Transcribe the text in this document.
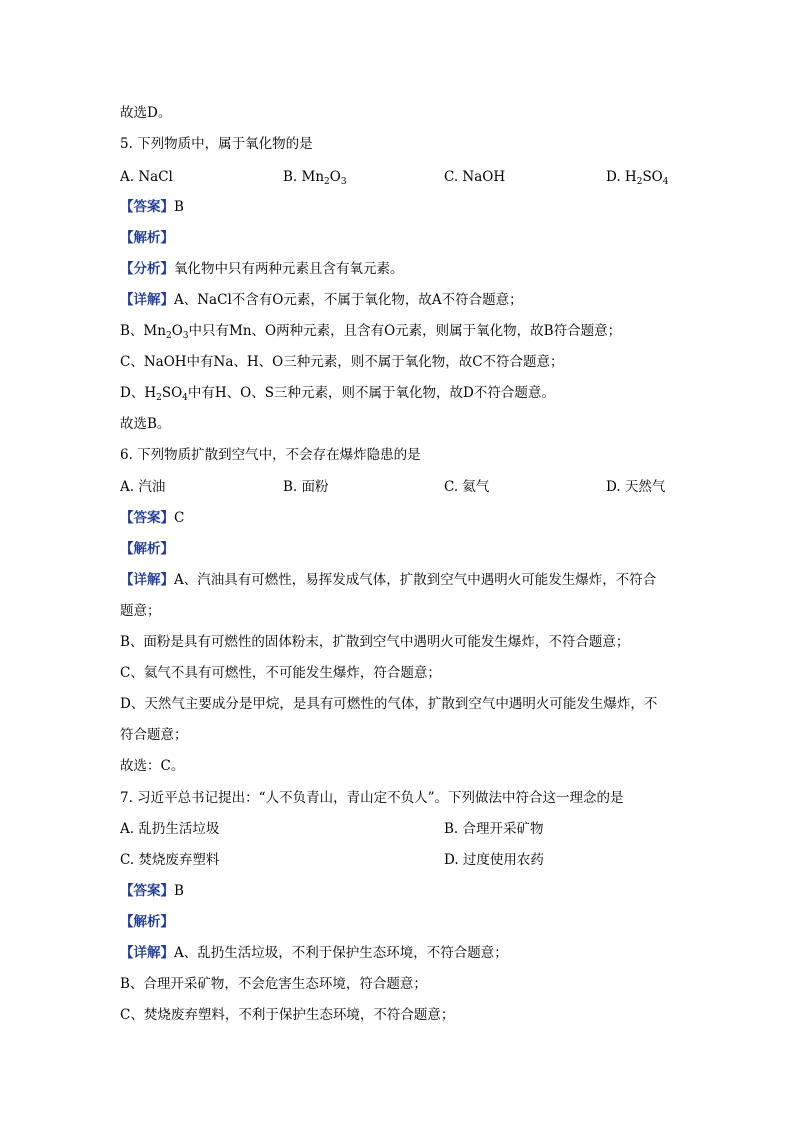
故选D。
5. 下列物质中，属于氧化物的是
A. NaCl	B. $Mn_2O_3$	C. NaOH	D. $H_2SO_4$
【答案】B
【解析】
【分析】氧化物中只有两种元素且含有氧元素。
【详解】A、NaCl不含有O元素，不属于氧化物，故A不符合题意；
B、$Mn_2O_3$中只有Mn、O两种元素，且含有O元素，则属于氧化物，故B符合题意；
C、NaOH中有Na、H、O三种元素，则不属于氧化物，故C不符合题意；
D、$H_2SO_4$中有H、O、S三种元素，则不属于氧化物，故D不符合题意。
故选B。
6. 下列物质扩散到空气中，不会存在爆炸隐患的是
A. 汽油	B. 面粉	C. 氦气	D. 天然气
【答案】C
【解析】
【详解】A、汽油具有可燃性，易挥发成气体，扩散到空气中遇明火可能发生爆炸，不符合
题意；
B、面粉是具有可燃性的固体粉末，扩散到空气中遇明火可能发生爆炸，不符合题意；
C、氦气不具有可燃性，不可能发生爆炸，符合题意；
D、天然气主要成分是甲烷，是具有可燃性的气体，扩散到空气中遇明火可能发生爆炸，不
符合题意；
故选：C。
7. 习近平总书记提出：“人不负青山，青山定不负人”。下列做法中符合这一理念的是
A. 乱扔生活垃圾	B. 合理开采矿物
C. 焚烧废弃塑料	D. 过度使用农药
【答案】B
【解析】
【详解】A、乱扔生活垃圾，不利于保护生态环境，不符合题意；
B、合理开采矿物，不会危害生态环境，符合题意；
C、焚烧废弃塑料，不利于保护生态环境，不符合题意；
